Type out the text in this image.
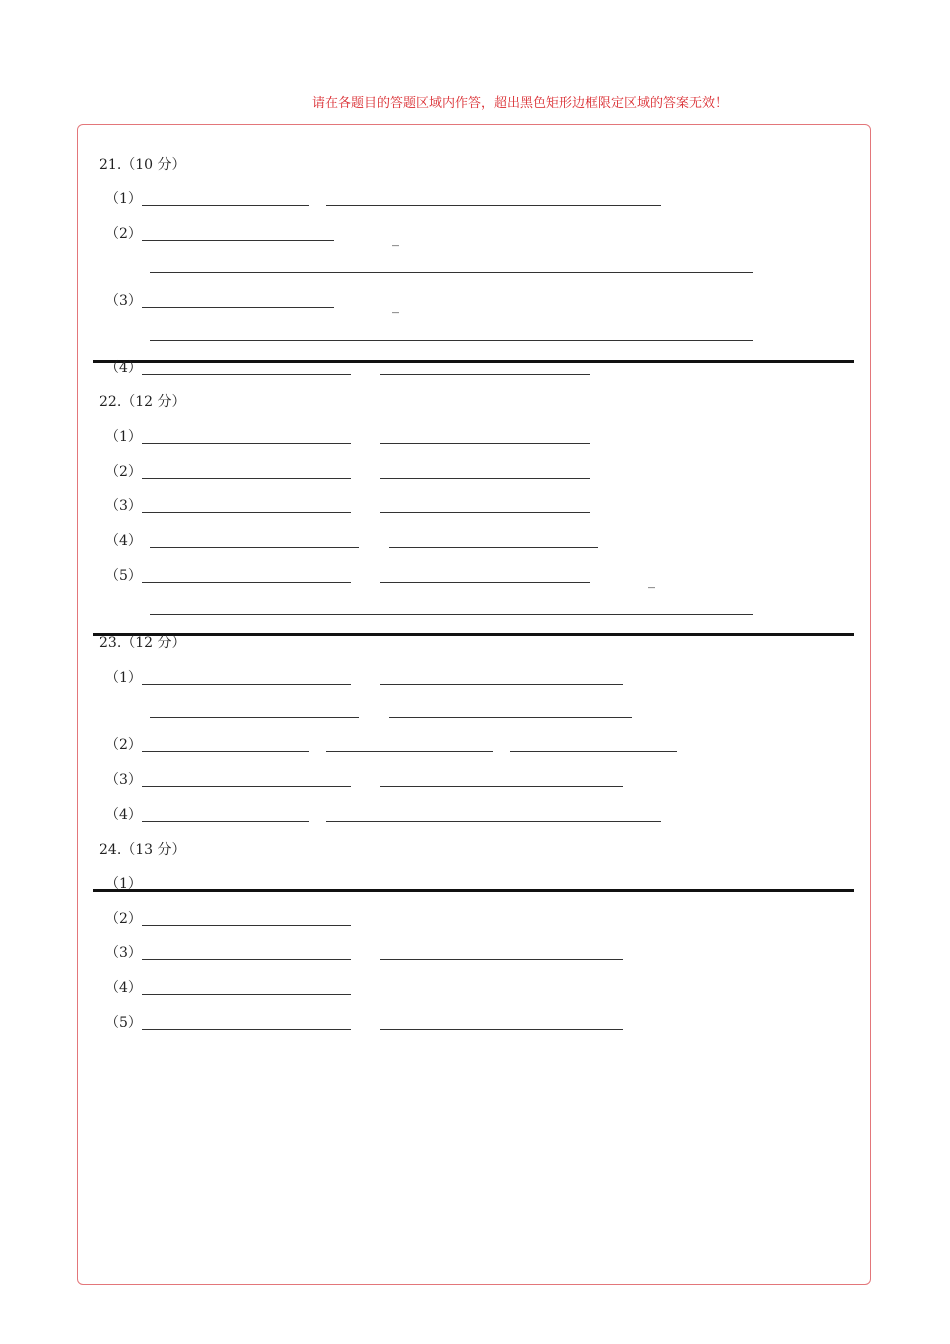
请在各题目的答题区域内作答，超出黑色矩形边框限定区域的答案无效！
21.（10 分）
（1）
（2）	_
（3）	_
（4）
22.（12 分）
（1）
（2）
（3）
（4）
（5）	_
23.（12 分）
（1）
（2）
（3）
（4）
24.（13 分）
（1）
（2）
（3）
（4）
（5）
